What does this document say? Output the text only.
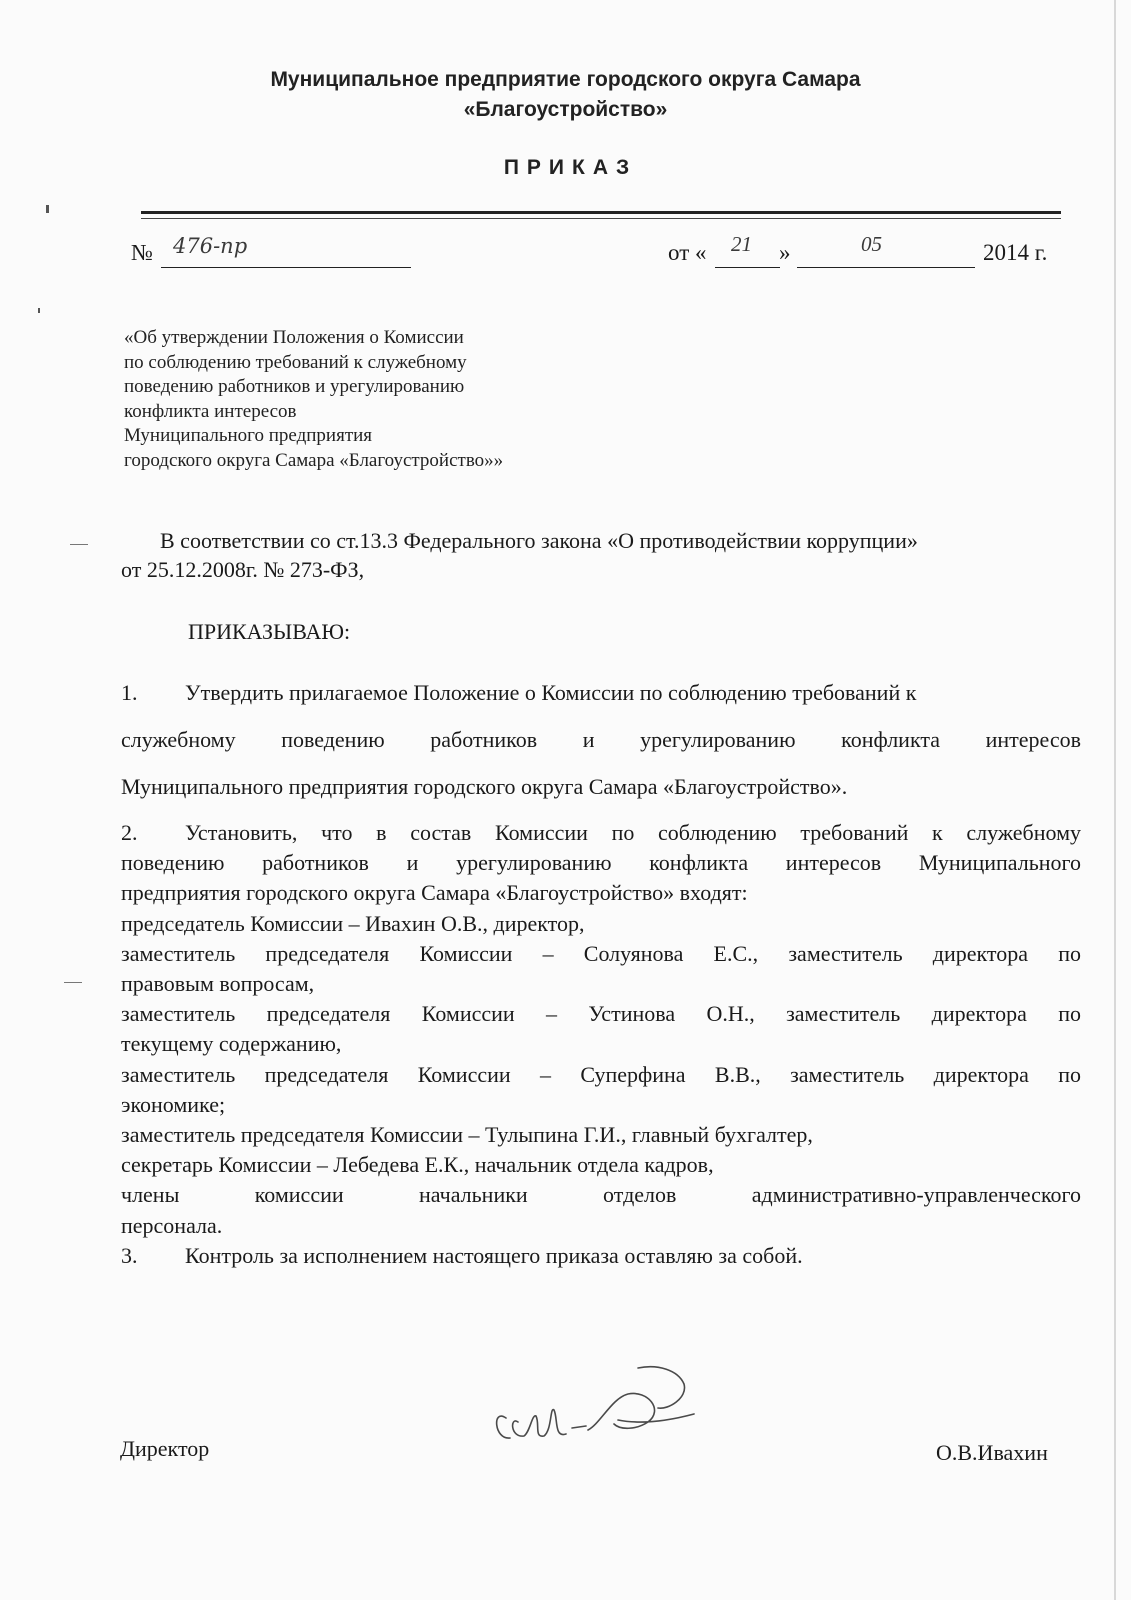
Муниципальное предприятие городского округа Самара
«Благоустройство»
ПРИКАЗ
№ 476-пр	от « 21 »	05	2014 г.
«Об утверждении Положения о Комиссии
по соблюдению требований к служебному
поведению работников и урегулированию
конфликта интересов
Муниципального предприятия
городского округа Самара «Благоустройство»»
В соответствии со ст.13.3 Федерального закона «О противодействии коррупции»
от 25.12.2008г. № 273-ФЗ,
ПРИКАЗЫВАЮ:
1. Утвердить прилагаемое Положение о Комиссии по соблюдению требований к
служебному поведению работников и урегулированию конфликта интересов
Муниципального предприятия городского округа Самара «Благоустройство».
2. Установить, что в состав Комиссии по соблюдению требований к служебному
поведению работников и урегулированию конфликта интересов Муниципального
предприятия городского округа Самара «Благоустройство» входят:
председатель Комиссии – Ивахин О.В., директор,
заместитель председателя Комиссии – Солуянова Е.С., заместитель директора по
правовым вопросам,
заместитель председателя Комиссии – Устинова О.Н., заместитель директора по
текущему содержанию,
заместитель председателя Комиссии – Суперфина В.В., заместитель директора по
экономике;
заместитель председателя Комиссии – Тулыпина Г.И., главный бухгалтер,
секретарь Комиссии – Лебедева Е.К., начальник отдела кадров,
члены комиссии начальники отделов административно-управленческого
персонала.
3. Контроль за исполнением настоящего приказа оставляю за собой.
Директор	О.В.Ивахин
